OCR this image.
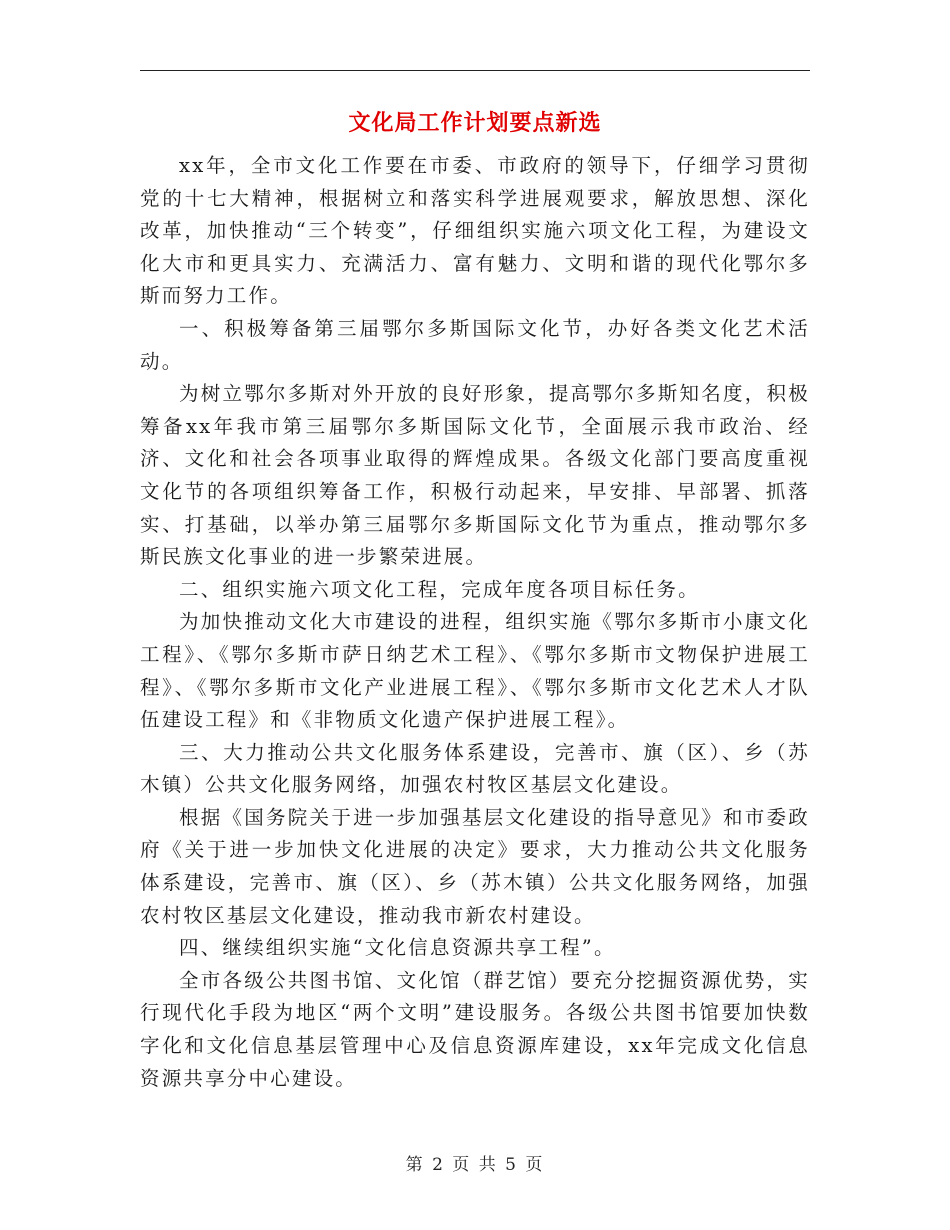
文化局工作计划要点新选

xx年，全市文化工作要在市委、市政府的领导下，仔细学习贯彻党的十七大精神，根据树立和落实科学进展观要求，解放思想、深化改革，加快推动“三个转变”，仔细组织实施六项文化工程，为建设文化大市和更具实力、充满活力、富有魅力、文明和谐的现代化鄂尔多斯而努力工作。

一、积极筹备第三届鄂尔多斯国际文化节，办好各类文化艺术活动。

为树立鄂尔多斯对外开放的良好形象，提高鄂尔多斯知名度，积极筹备xx年我市第三届鄂尔多斯国际文化节，全面展示我市政治、经济、文化和社会各项事业取得的辉煌成果。各级文化部门要高度重视文化节的各项组织筹备工作，积极行动起来，早安排、早部署、抓落实、打基础，以举办第三届鄂尔多斯国际文化节为重点，推动鄂尔多斯民族文化事业的进一步繁荣进展。

二、组织实施六项文化工程，完成年度各项目标任务。

为加快推动文化大市建设的进程，组织实施《鄂尔多斯市小康文化工程》、《鄂尔多斯市萨日纳艺术工程》、《鄂尔多斯市文物保护进展工程》、《鄂尔多斯市文化产业进展工程》、《鄂尔多斯市文化艺术人才队伍建设工程》和《非物质文化遗产保护进展工程》。

三、大力推动公共文化服务体系建设，完善市、旗（区）、乡（苏木镇）公共文化服务网络，加强农村牧区基层文化建设。

根据《国务院关于进一步加强基层文化建设的指导意见》和市委政府《关于进一步加快文化进展的决定》要求，大力推动公共文化服务体系建设，完善市、旗（区）、乡（苏木镇）公共文化服务网络，加强农村牧区基层文化建设，推动我市新农村建设。

四、继续组织实施“文化信息资源共享工程”。

全市各级公共图书馆、文化馆（群艺馆）要充分挖掘资源优势，实行现代化手段为地区“两个文明”建设服务。各级公共图书馆要加快数字化和文化信息基层管理中心及信息资源库建设，xx年完成文化信息资源共享分中心建设。

第 2 页 共 5 页
